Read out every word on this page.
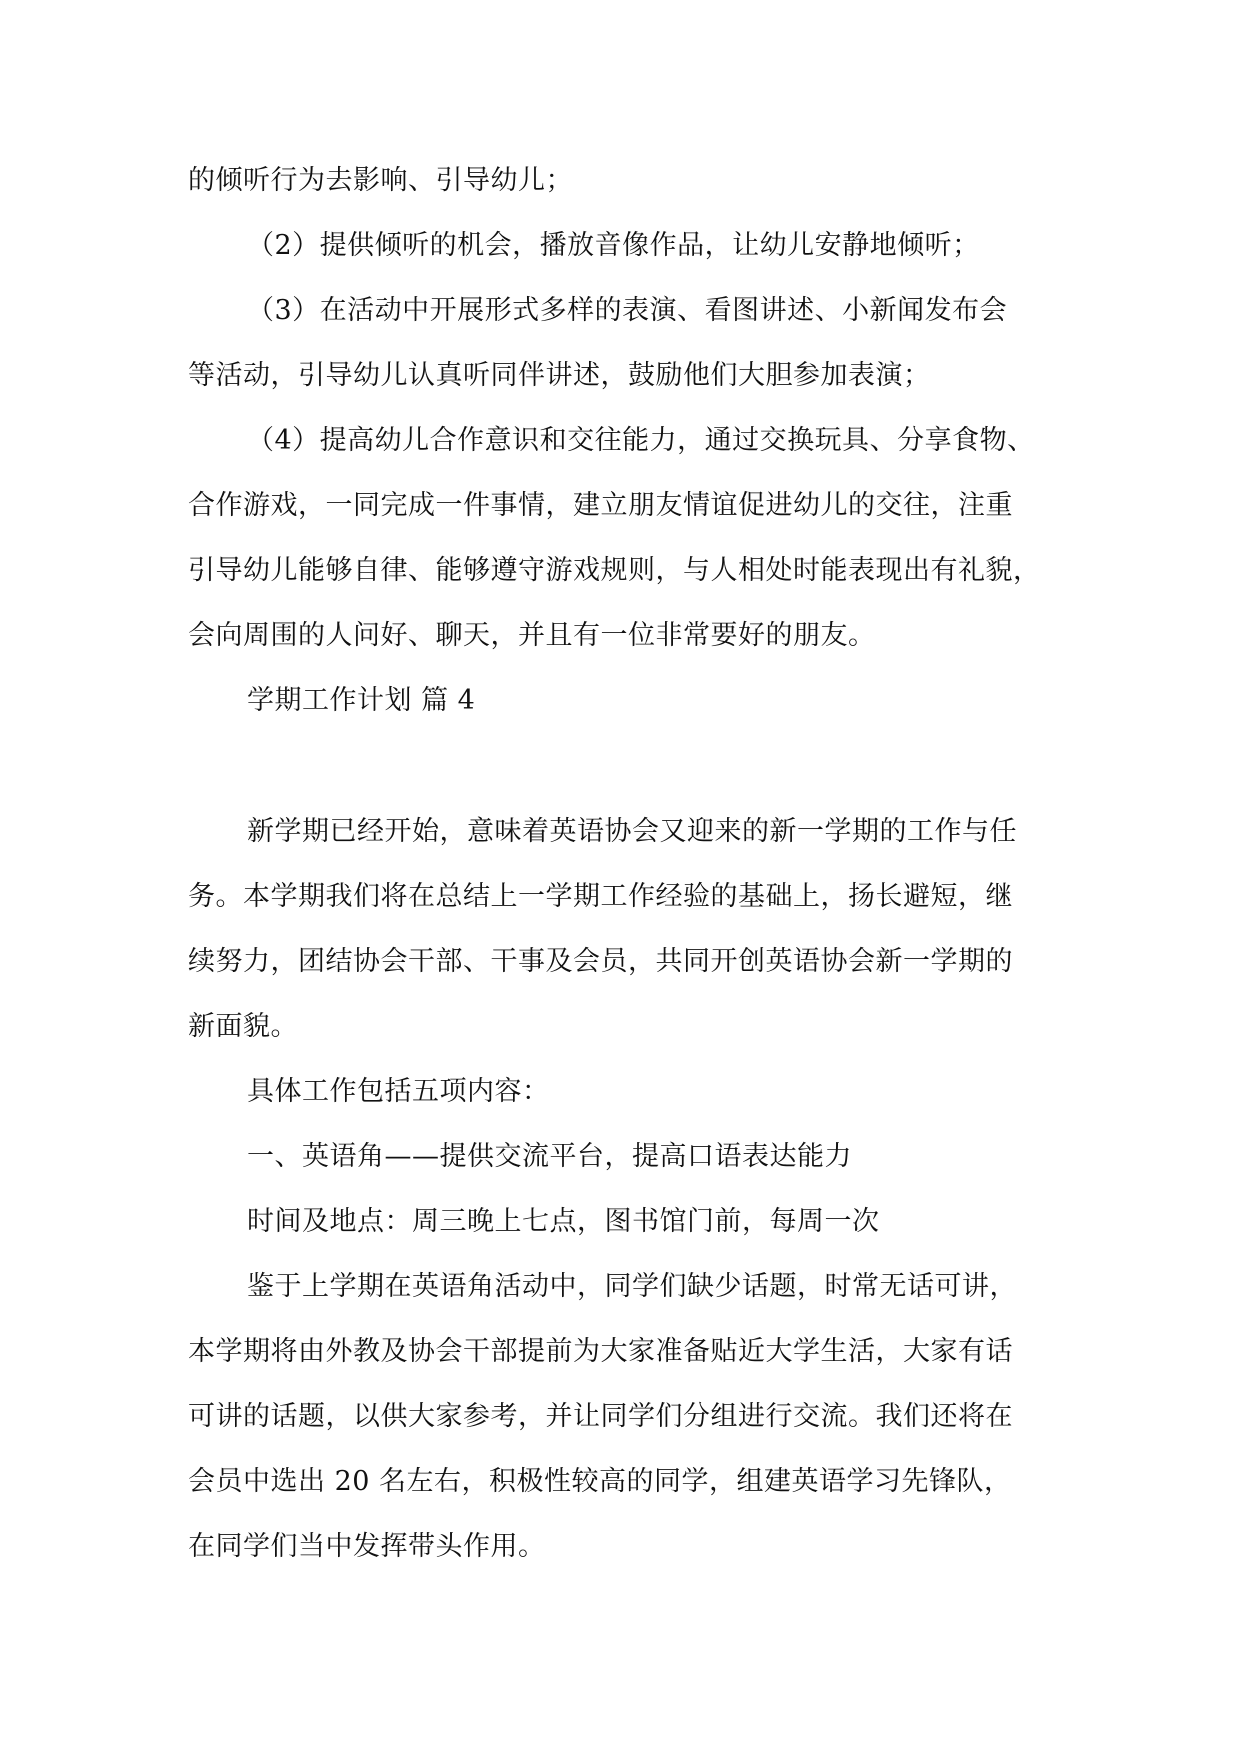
的倾听行为去影响、引导幼儿；
（2）提供倾听的机会，播放音像作品，让幼儿安静地倾听；
（3）在活动中开展形式多样的表演、看图讲述、小新闻发布会
等活动，引导幼儿认真听同伴讲述，鼓励他们大胆参加表演；
（4）提高幼儿合作意识和交往能力，通过交换玩具、分享食物、
合作游戏，一同完成一件事情，建立朋友情谊促进幼儿的交往，注重
引导幼儿能够自律、能够遵守游戏规则，与人相处时能表现出有礼貌，
会向周围的人问好、聊天，并且有一位非常要好的朋友。
学期工作计划 篇 4
新学期已经开始，意味着英语协会又迎来的新一学期的工作与任
务。本学期我们将在总结上一学期工作经验的基础上，扬长避短，继
续努力，团结协会干部、干事及会员，共同开创英语协会新一学期的
新面貌。
具体工作包括五项内容：
一、英语角——提供交流平台，提高口语表达能力
时间及地点：周三晚上七点，图书馆门前，每周一次
鉴于上学期在英语角活动中，同学们缺少话题，时常无话可讲，
本学期将由外教及协会干部提前为大家准备贴近大学生活，大家有话
可讲的话题，以供大家参考，并让同学们分组进行交流。我们还将在
会员中选出 20 名左右，积极性较高的同学，组建英语学习先锋队，
在同学们当中发挥带头作用。
